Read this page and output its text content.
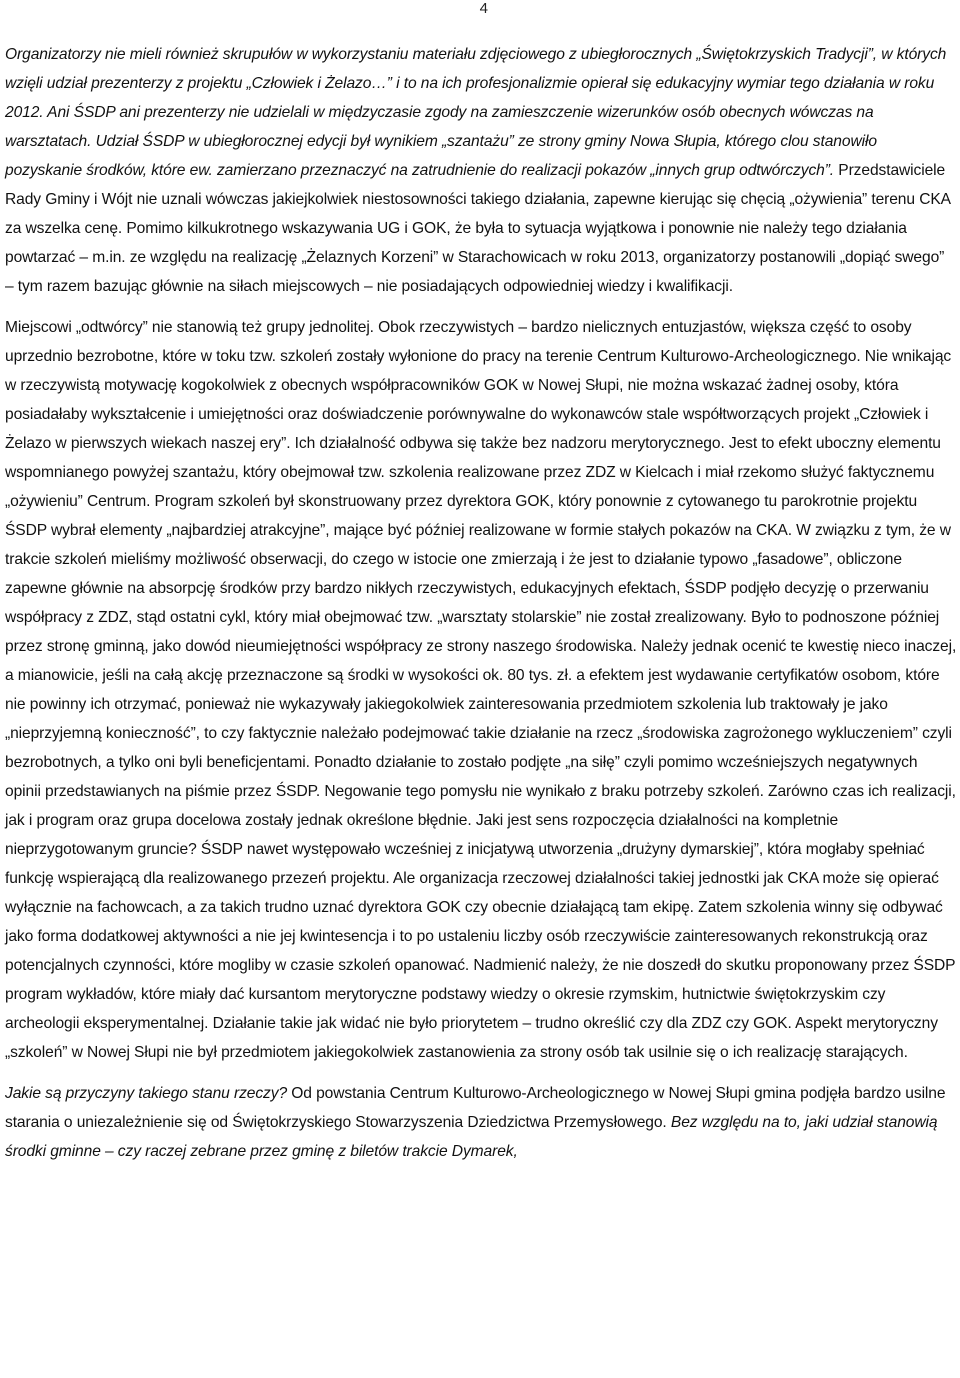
4

Organizatorzy nie mieli również skrupułów w wykorzystaniu materiału zdjęciowego z ubiegłorocznych „Świętokrzyskich Tradycji”, w których wzięli udział prezenterzy z projektu „Człowiek i Żelazo…” i to na ich profesjonalizmie opierał się edukacyjny wymiar tego działania w roku 2012. Ani ŚSDP ani prezenterzy nie udzielali w międzyczasie zgody na zamieszczenie wizerunków osób obecnych wówczas na warsztatach. Udział ŚSDP w ubiegłorocznej edycji był wynikiem „szantażu” ze strony gminy Nowa Słupia, którego clou stanowiło pozyskanie środków, które ew. zamierzano przeznaczyć na zatrudnienie do realizacji pokazów „innych grup odtwórczych”. Przedstawiciele Rady Gminy i Wójt nie uznali wówczas jakiejkolwiek niestosowności takiego działania, zapewne kierując się chęcią „ożywienia” terenu CKA za wszelka cenę. Pomimo kilkukrotnego wskazywania UG i GOK, że była to sytuacja wyjątkowa i ponownie nie należy tego działania powtarzać – m.in. ze względu na realizację „Żelaznych Korzeni” w Starachowicach w roku 2013, organizatorzy postanowili „dopiąć swego” – tym razem bazując głównie na siłach miejscowych – nie posiadających odpowiedniej wiedzy i kwalifikacji.

Miejscowi „odtwórcy” nie stanowią też grupy jednolitej. Obok rzeczywistych – bardzo nielicznych entuzjastów, większa część to osoby uprzednio bezrobotne, które w toku tzw. szkoleń zostały wyłonione do pracy na terenie Centrum Kulturowo-Archeologicznego. Nie wnikając w rzeczywistą motywację kogokolwiek z obecnych współpracowników GOK w Nowej Słupi, nie można wskazać żadnej osoby, która posiadałaby wykształcenie i umiejętności oraz doświadczenie porównywalne do wykonawców stale współtworzących projekt „Człowiek i Żelazo w pierwszych wiekach naszej ery”. Ich działalność odbywa się także bez nadzoru merytorycznego. Jest to efekt uboczny elementu wspomnianego powyżej szantażu, który obejmował tzw. szkolenia realizowane przez ZDZ w Kielcach i miał rzekomo służyć faktycznemu „ożywieniu” Centrum. Program szkoleń był skonstruowany przez dyrektora GOK, który ponownie z cytowanego tu parokrotnie projektu ŚSDP wybrał elementy „najbardziej atrakcyjne”, mające być później realizowane w formie stałych pokazów na CKA. W związku z tym, że w trakcie szkoleń mieliśmy możliwość obserwacji, do czego w istocie one zmierzają i że jest to działanie typowo „fasadowe”, obliczone zapewne głównie na absorpcję środków przy bardzo nikłych rzeczywistych, edukacyjnych efektach, ŚSDP podjęło decyzję o przerwaniu współpracy z ZDZ, stąd ostatni cykl, który miał obejmować tzw. „warsztaty stolarskie” nie został zrealizowany. Było to podnoszone później przez stronę gminną, jako dowód nieumiejętności współpracy ze strony naszego środowiska. Należy jednak ocenić te kwestię nieco inaczej, a mianowicie, jeśli na całą akcję przeznaczone są środki w wysokości ok. 80 tys. zł. a efektem jest wydawanie certyfikatów osobom, które nie powinny ich otrzymać, ponieważ nie wykazywały jakiegokolwiek zainteresowania przedmiotem szkolenia lub traktowały je jako „nieprzyjemną konieczność”, to czy faktycznie należało podejmować takie działanie na rzecz „środowiska zagrożonego wykluczeniem” czyli bezrobotnych, a tylko oni byli beneficjentami. Ponadto działanie to zostało podjęte „na siłę” czyli pomimo wcześniejszych negatywnych opinii przedstawianych na piśmie przez ŚSDP. Negowanie tego pomysłu nie wynikało z braku potrzeby szkoleń. Zarówno czas ich realizacji, jak i program oraz grupa docelowa zostały jednak określone błędnie. Jaki jest sens rozpoczęcia działalności na kompletnie nieprzygotowanym gruncie? ŚSDP nawet występowało wcześniej z inicjatywą utworzenia „drużyny dymarskiej”, która mogłaby spełniać funkcję wspierającą dla realizowanego przezeń projektu. Ale organizacja rzeczowej działalności takiej jednostki jak CKA może się opierać wyłącznie na fachowcach, a za takich trudno uznać dyrektora GOK czy obecnie działającą tam ekipę. Zatem szkolenia winny się odbywać jako forma dodatkowej aktywności a nie jej kwintesencja i to po ustaleniu liczby osób rzeczywiście zainteresowanych rekonstrukcją oraz potencjalnych czynności, które mogliby w czasie szkoleń opanować. Nadmienić należy, że nie doszedł do skutku proponowany przez ŚSDP program wykładów, które miały dać kursantom merytoryczne podstawy wiedzy o okresie rzymskim, hutnictwie świętokrzyskim czy archeologii eksperymentalnej. Działanie takie jak widać nie było priorytetem – trudno określić czy dla ZDZ czy GOK. Aspekt merytoryczny „szkoleń” w Nowej Słupi nie był przedmiotem jakiegokolwiek zastanowienia za strony osób tak usilnie się o ich realizację starających.

Jakie są przyczyny takiego stanu rzeczy? Od powstania Centrum Kulturowo-Archeologicznego w Nowej Słupi gmina podjęła bardzo usilne starania o uniezależnienie się od Świętokrzyskiego Stowarzyszenia Dziedzictwa Przemysłowego. Bez względu na to, jaki udział stanowią środki gminne – czy raczej zebrane przez gminę z biletów trakcie Dymarek,
